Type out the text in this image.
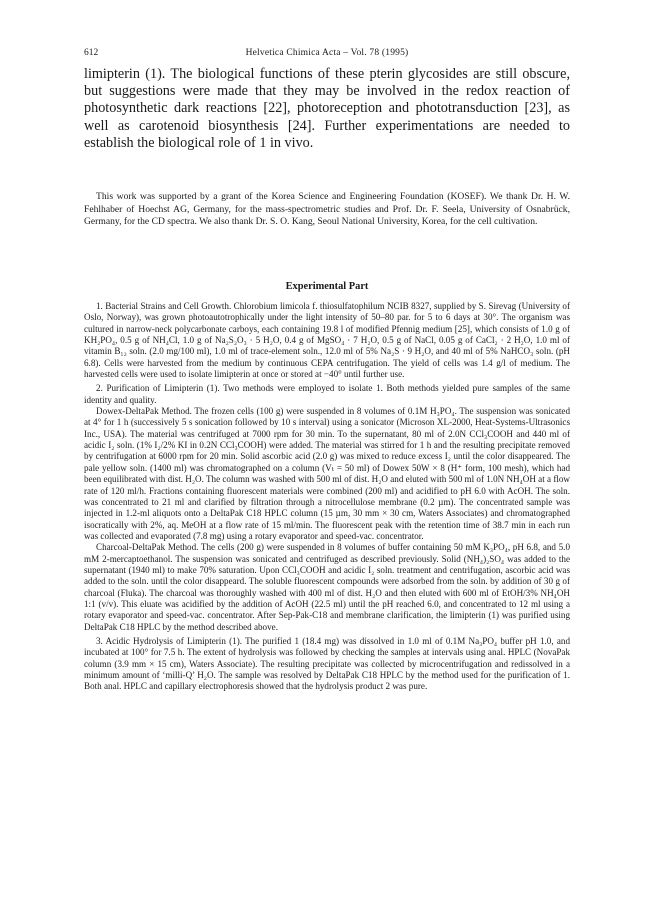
612	Helvetica Chimica Acta – Vol. 78 (1995)

limipterin (1). The biological functions of these pterin glycosides are still obscure, but suggestions were made that they may be involved in the redox reaction of photosynthetic dark reactions [22], photoreception and phototransduction [23], as well as carotenoid biosynthesis [24]. Further experimentations are needed to establish the biological role of 1 in vivo.

This work was supported by a grant of the Korea Science and Engineering Foundation (KOSEF). We thank Dr. H. W. Fehlhaber of Hoechst AG, Germany, for the mass-spectrometric studies and Prof. Dr. F. Seela, University of Osnabrück, Germany, for the CD spectra. We also thank Dr. S. O. Kang, Seoul National University, Korea, for the cell cultivation.

Experimental Part

1. Bacterial Strains and Cell Growth. Chlorobium limicola f. thiosulfatophilum NCIB 8327, supplied by S. Sirevag (University of Oslo, Norway), was grown photoautotrophically under the light intensity of 50–80 par. for 5 to 6 days at 30°. The organism was cultured in narrow-neck polycarbonate carboys, each containing 19.8 l of modified Pfennig medium [25], which consists of 1.0 g of KH₂PO₄, 0.5 g of NH₄Cl, 1.0 g of Na₂S₂O₃ · 5 H₂O, 0.4 g of MgSO₄ · 7 H₂O, 0.5 g of NaCl, 0.05 g of CaCl₂ · 2 H₂O, 1.0 ml of vitamin B₁₂ soln. (2.0 mg/100 ml), 1.0 ml of trace-element soln., 12.0 ml of 5% Na₂S · 9 H₂O, and 40 ml of 5% NaHCO₃ soln. (pH 6.8). Cells were harvested from the medium by continuous CEPA centrifugation. The yield of cells was 1.4 g/l of medium. The harvested cells were used to isolate limipterin at once or stored at −40° until further use.

2. Purification of Limipterin (1). Two methods were employed to isolate 1. Both methods yielded pure samples of the same identity and quality.

Dowex-DeltaPak Method. The frozen cells (100 g) were suspended in 8 volumes of 0.1M H₃PO₄. The suspension was sonicated at 4° for 1 h (successively 5 s sonication followed by 10 s interval) using a sonicator (Microson XL-2000, Heat-Systems-Ultrasonics Inc., USA). The material was centrifuged at 7000 rpm for 30 min. To the supernatant, 80 ml of 2.0N CCl₃COOH and 440 ml of acidic I₂ soln. (1% I₂/2% KI in 0.2N CCl₃COOH) were added. The material was stirred for 1 h and the resulting precipitate removed by centrifugation at 6000 rpm for 20 min. Solid ascorbic acid (2.0 g) was mixed to reduce excess I₂ until the color disappeared. The pale yellow soln. (1400 ml) was chromatographed on a column (Vₜ = 50 ml) of Dowex 50W × 8 (H⁺ form, 100 mesh), which had been equilibrated with dist. H₂O. The column was washed with 500 ml of dist. H₂O and eluted with 500 ml of 1.0N NH₄OH at a flow rate of 120 ml/h. Fractions containing fluorescent materials were combined (200 ml) and acidified to pH 6.0 with AcOH. The soln. was concentrated to 21 ml and clarified by filtration through a nitrocellulose membrane (0.2 µm). The concentrated sample was injected in 1.2-ml aliquots onto a DeltaPak C18 HPLC column (15 µm, 30 mm × 30 cm, Waters Associates) and chromatographed isocratically with 2%, aq. MeOH at a flow rate of 15 ml/min. The fluorescent peak with the retention time of 38.7 min in each run was collected and evaporated (7.8 mg) using a rotary evaporator and speed-vac. concentrator.

Charcoal-DeltaPak Method. The cells (200 g) were suspended in 8 volumes of buffer containing 50 mM K₃PO₄, pH 6.8, and 5.0 mM 2-mercaptoethanol. The suspension was sonicated and centrifuged as described previously. Solid (NH₄)₂SO₄ was added to the supernatant (1940 ml) to make 70% saturation. Upon CCl₃COOH and acidic I₂ soln. treatment and centrifugation, ascorbic acid was added to the soln. until the color disappeard. The soluble fluorescent compounds were adsorbed from the soln. by addition of 30 g of charcoal (Fluka). The charcoal was thoroughly washed with 400 ml of dist. H₂O and then eluted with 600 ml of EtOH/3% NH₄OH 1:1 (v/v). This eluate was acidified by the addition of AcOH (22.5 ml) until the pH reached 6.0, and concentrated to 12 ml using a rotary evaporator and speed-vac. concentrator. After Sep-Pak-C18 and membrane clarification, the limipterin (1) was purified using DeltaPak C18 HPLC by the method described above.

3. Acidic Hydrolysis of Limipterin (1). The purified 1 (18.4 mg) was dissolved in 1.0 ml of 0.1M Na₃PO₄ buffer pH 1.0, and incubated at 100° for 7.5 h. The extent of hydrolysis was followed by checking the samples at intervals using anal. HPLC (NovaPak column (3.9 mm × 15 cm), Waters Associate). The resulting precipitate was collected by microcentrifugation and redissolved in a minimum amount of ‘milli-Q’ H₂O. The sample was resolved by DeltaPak C18 HPLC by the method used for the purification of 1. Both anal. HPLC and capillary electrophoresis showed that the hydrolysis product 2 was pure.
